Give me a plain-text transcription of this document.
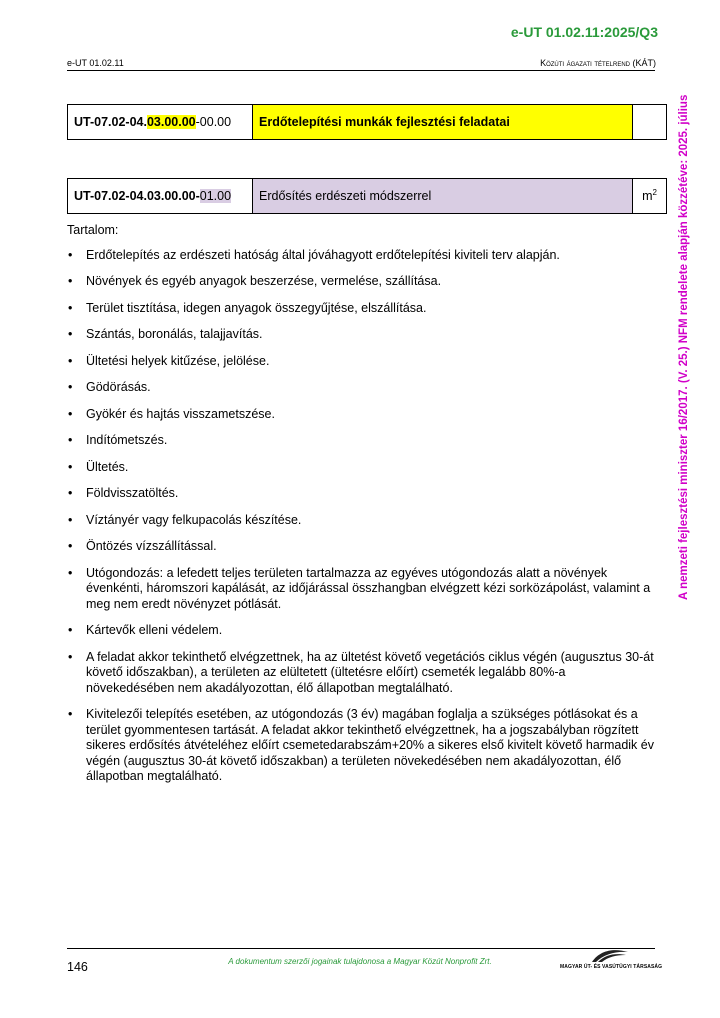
e-UT 01.02.11:2025/Q3
e-UT 01.02.11	Közúti ágazati tételrend (KÁT)
UT-07.02-04.03.00.00-00.00	Erdőtelepítési munkák fejlesztési feladatai	
UT-07.02-04.03.00.00-01.00	Erdősítés erdészeti módszerrel	$m^2$

Tartalom:

• Erdőtelepítés az erdészeti hatóság által jóváhagyott erdőtelepítési kiviteli terv alapján.
• Növények és egyéb anyagok beszerzése, vermelése, szállítása.
• Terület tisztítása, idegen anyagok összegyűjtése, elszállítása.
• Szántás, boronálás, talajjavítás.
• Ültetési helyek kitűzése, jelölése.
• Gödörásás.
• Gyökér és hajtás visszametszése.
• Indítómetszés.
• Ültetés.
• Földvisszatöltés.
• Víztányér vagy felkupacolás készítése.
• Öntözés vízszállítással.
• Utógondozás: a lefedett teljes területen tartalmazza az egyéves utógondozás alatt a növények évenkénti, háromszori kapálását, az időjárással összhangban elvégzett kézi sorközápolást, valamint a meg nem eredt növényzet pótlását.
• Kártevők elleni védelem.
• A feladat akkor tekinthető elvégzettnek, ha az ültetést követő vegetációs ciklus végén (augusztus 30-át követő időszakban), a területen az elültetett (ültetésre előírt) csemeték legalább 80%-a növekedésében nem akadályozottan, élő állapotban megtalálható.
• Kivitelezői telepítés esetében, az utógondozás (3 év) magában foglalja a szükséges pótlásokat és a terület gyommentesen tartását. A feladat akkor tekinthető elvégzettnek, ha a jogszabályban rögzített sikeres erdősítés átvételéhez előírt csemetedarabszám+20% a sikeres első kivitelt követő harmadik év végén (augusztus 30-át követő időszakban) a területen növekedésében nem akadályozottan, élő állapotban megtalálható.
A nemzeti fejlesztési miniszter 16/2017. (V. 25.) NFM rendelete alapján közzétéve: 2025. július
146	A dokumentum szerzői jogainak tulajdonosa a Magyar Közút Nonprofit Zrt.
MAGYAR ÚT- ÉS VASÚTÜGYI TÁRSASÁG
